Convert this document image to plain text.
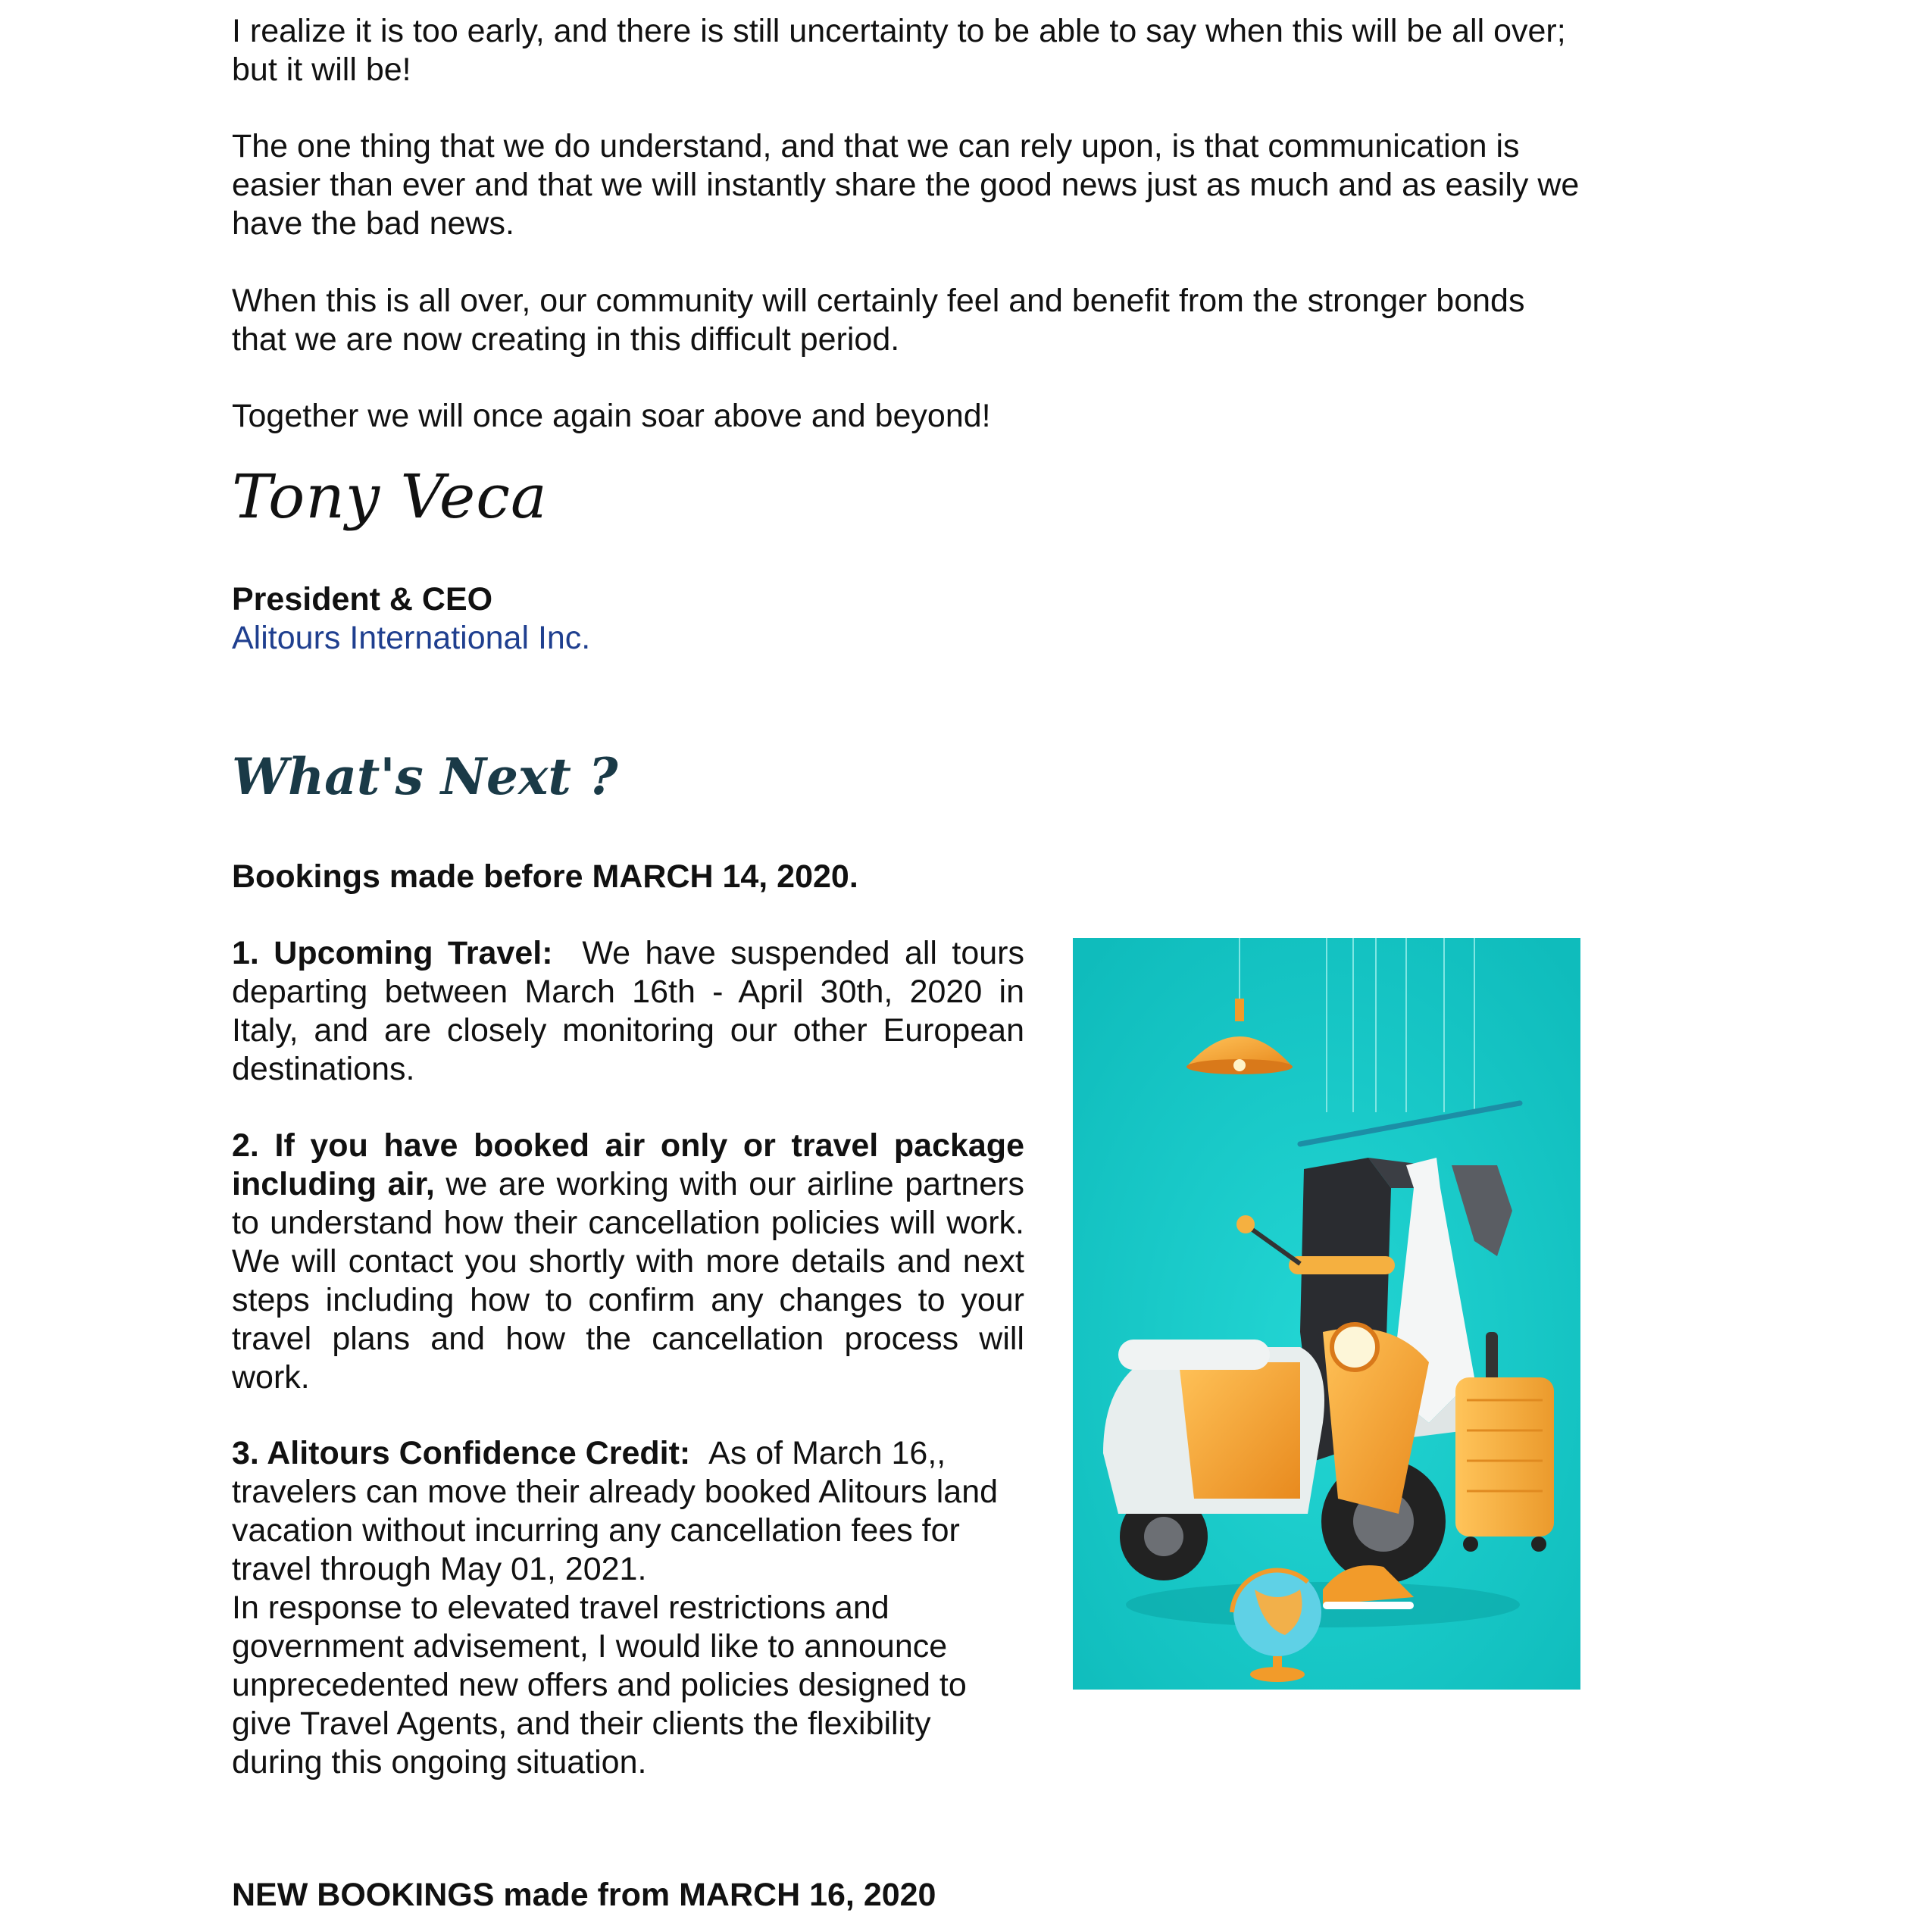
I realize it is too early, and there is still uncertainty to be able to say when this will be all over; but it will be!

The one thing that we do understand, and that we can rely upon, is that communication is easier than ever and that we will instantly share the good news just as much and as easily we have the bad news.

When this is all over, our community will certainly feel and benefit from the stronger bonds that we are now creating in this difficult period.

Together we will once again soar above and beyond!

Tony Veca
President & CEO
Alitours International Inc.
What's Next ?
Bookings made before MARCH 14, 2020.

1. Upcoming Travel: We have suspended all tours departing between March 16th - April 30th, 2020 in Italy, and are closely monitoring our other European destinations.

2. If you have booked air only or travel package including air, we are working with our airline partners to understand how their cancellation policies will work. We will contact you shortly with more details and next steps including how to confirm any changes to your travel plans and how the cancellation process will work.

3. Alitours Confidence Credit: As of March 16,, travelers can move their already booked Alitours land vacation without incurring any cancellation fees for travel through May 01, 2021.
In response to elevated travel restrictions and government advisement, I would like to announce unprecedented new offers and policies designed to give Travel Agents, and their clients the flexibility during this ongoing situation.

NEW BOOKINGS made from MARCH 16, 2020
